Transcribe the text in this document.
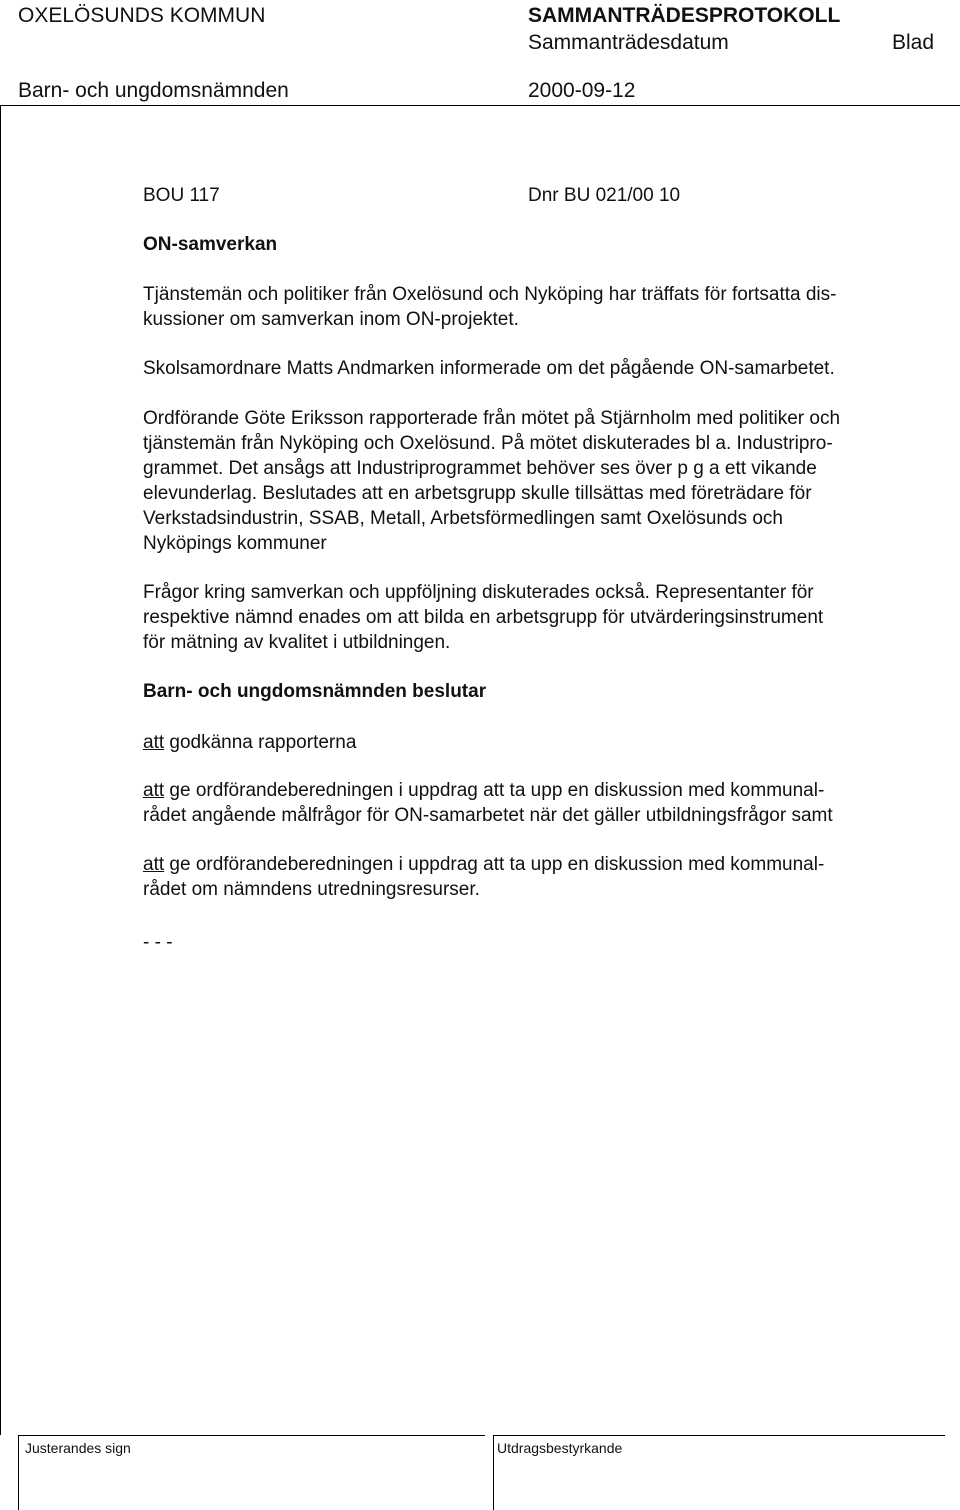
OXELÖSUNDS KOMMUN	SAMMANTRÄDESPROTOKOLL
Sammanträdesdatum	Blad
Barn- och ungdomsnämnden	2000-09-12
BOU 117	Dnr BU 021/00 10
ON-samverkan
Tjänstemän och politiker från Oxelösund och Nyköping har träffats för fortsatta dis-
kussioner om samverkan inom ON-projektet.
Skolsamordnare Matts Andmarken informerade om det pågående ON-samarbetet.
Ordförande Göte Eriksson rapporterade från mötet på Stjärnholm med politiker och
tjänstemän från Nyköping och Oxelösund. På mötet diskuterades bl a. Industripro-
grammet. Det ansågs att Industriprogrammet behöver ses över p g a ett vikande
elevunderlag. Beslutades att en arbetsgrupp skulle tillsättas med företrädare för
Verkstadsindustrin, SSAB, Metall, Arbetsförmedlingen samt Oxelösunds och
Nyköpings kommuner
Frågor kring samverkan och uppföljning diskuterades också. Representanter för
respektive nämnd enades om att bilda en arbetsgrupp för utvärderingsinstrument
för mätning av kvalitet i utbildningen.
Barn- och ungdomsnämnden beslutar
att godkänna rapporterna
att ge ordförandeberedningen i uppdrag att ta upp en diskussion med kommunal-
rådet angående målfrågor för ON-samarbetet när det gäller utbildningsfrågor samt
att ge ordförandeberedningen i uppdrag att ta upp en diskussion med kommunal-
rådet om nämndens utredningsresurser.
- - -
Justerandes sign	Utdragsbestyrkande
